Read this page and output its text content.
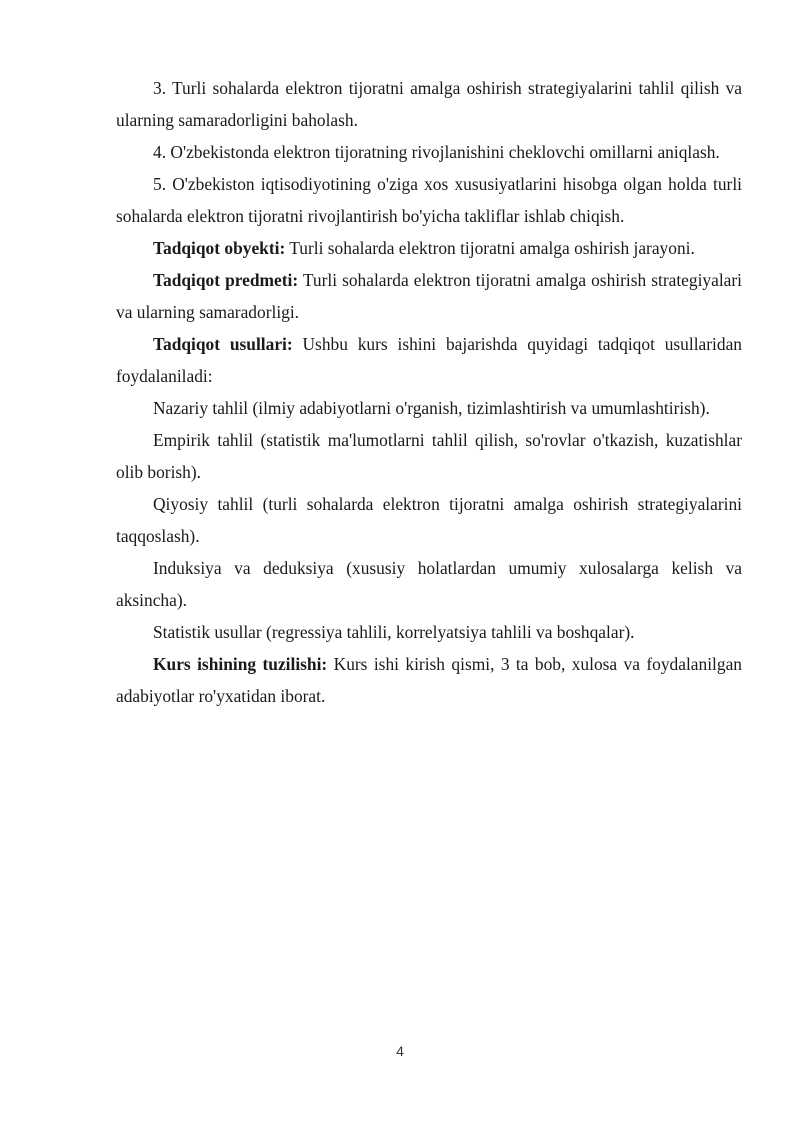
3. Turli sohalarda elektron tijoratni amalga oshirish strategiyalarini tahlil qilish va ularning samaradorligini baholash.

4. O'zbekistonda elektron tijoratning rivojlanishini cheklovchi omillarni aniqlash.

5. O'zbekiston iqtisodiyotining o'ziga xos xususiyatlarini hisobga olgan holda turli sohalarda elektron tijoratni rivojlantirish bo'yicha takliflar ishlab chiqish.

Tadqiqot obyekti: Turli sohalarda elektron tijoratni amalga oshirish jarayoni.

Tadqiqot predmeti: Turli sohalarda elektron tijoratni amalga oshirish strategiyalari va ularning samaradorligi.

Tadqiqot usullari: Ushbu kurs ishini bajarishda quyidagi tadqiqot usullaridan foydalaniladi:

Nazariy tahlil (ilmiy adabiyotlarni o'rganish, tizimlashtirish va umumlashtirish).

Empirik tahlil (statistik ma'lumotlarni tahlil qilish, so'rovlar o'tkazish, kuzatishlar olib borish).

Qiyosiy tahlil (turli sohalarda elektron tijoratni amalga oshirish strategiyalarini taqqoslash).

Induksiya va deduksiya (xususiy holatlardan umumiy xulosalarga kelish va aksincha).

Statistik usullar (regressiya tahlili, korrelyatsiya tahlili va boshqalar).

Kurs ishining tuzilishi: Kurs ishi kirish qismi, 3 ta bob, xulosa va foydalanilgan adabiyotlar ro'yxatidan iborat.

4
